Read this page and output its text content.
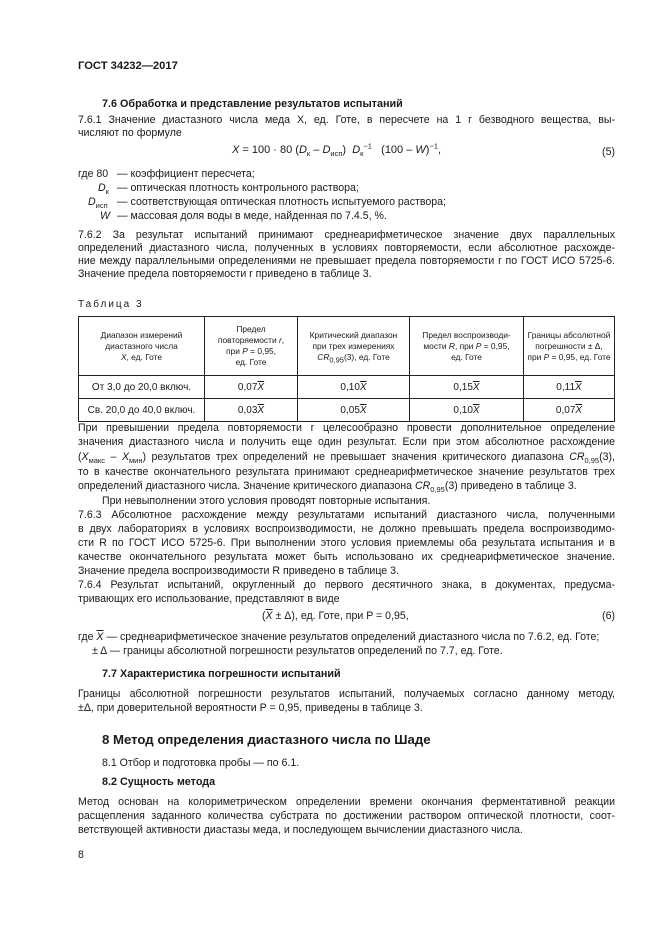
ГОСТ 34232—2017
7.6 Обработка и представление результатов испытаний
7.6.1 Значение диастазного числа меда X, ед. Готе, в пересчете на 1 г безводного вещества, вы-
числяют по формуле
X = 100 · 80 $(D_к - D_{исп})$  $D_к^{-1}$   (100 – W)$^{-1}$,	(5)
где 80 — коэффициент пересчета;
$D_к$ — оптическая плотность контрольного раствора;
$D_{исп}$ — соответствующая оптическая плотность испытуемого раствора;
W — массовая доля воды в меде, найденная по 7.4.5, %.
7.6.2 За результат испытаний принимают среднеарифметическое значение двух параллельных
определений диастазного числа, полученных в условиях повторяемости, если абсолютное расхожде-
ние между параллельными определениями не превышает предела повторяемости r по ГОСТ ИСО 5725-6.
Значение предела повторяемости r приведено в таблице 3.
Таблица 3
Диапазон измерений
диастазного числа
X, ед. Готе	Предел
повторяемости r,
при P = 0,95,
ед. Готе	Критический диапазон
при трех измерениях
$CR_{0,95}(3)$, ед. Готе	Предел воспроизводи-
мости R, при P = 0,95,
ед. Готе	Границы абсолютной
погрешности ± Δ,
при P = 0,95, ед. Готе
От 3,0 до 20,0 включ.	$0,07\overline{X}$	$0,10\overline{X}$	$0,15\overline{X}$	$0,11\overline{X}$
Св. 20,0 до 40,0 включ.	$0,03\overline{X}$	$0,05\overline{X}$	$0,10\overline{X}$	$0,07\overline{X}$
При превышении предела повторяемости r целесообразно провести дополнительное определение
значения диастазного числа и получить еще один результат. Если при этом абсолютное расхождение
$(X_{макс} - X_{мин})$ результатов трех определений не превышает значения критического диапазона $CR_{0,95}(3)$,
то в качестве окончательного результата принимают среднеарифметическое значение результатов трех
определений диастазного числа. Значение критического диапазона $CR_{0,95}(3)$ приведено в таблице 3.
При невыполнении этого условия проводят повторные испытания.
7.6.3 Абсолютное расхождение между результатами испытаний диастазного числа, полученными
в двух лабораториях в условиях воспроизводимости, не должно превышать предела воспроизводимо-
сти R по ГОСТ ИСО 5725-6. При выполнении этого условия приемлемы оба результата испытания и в
качестве окончательного результата может быть использовано их среднеарифметическое значение.
Значение предела воспроизводимости R приведено в таблице 3.
7.6.4 Результат испытаний, округленный до первого десятичного знака, в документах, предусма-
тривающих его использование, представляют в виде
$(\overline{X} \pm \Delta)$, ед. Готе, при P = 0,95,	(6)
где $\overline{X}$ — среднеарифметическое значение результатов определений диастазного числа по 7.6.2, ед. Готе;
± Δ — границы абсолютной погрешности результатов определений по 7.7, ед. Готе.
7.7 Характеристика погрешности испытаний
Границы абсолютной погрешности результатов испытаний, получаемых согласно данному методу,
±Δ, при доверительной вероятности P = 0,95, приведены в таблице 3.
8 Метод определения диастазного числа по Шаде
8.1 Отбор и подготовка пробы — по 6.1.
8.2 Сущность метода
Метод основан на колориметрическом определении времени окончания ферментативной реакции
расщепления заданного количества субстрата по достижении раствором оптической плотности, соот-
ветствующей активности диастазы меда, и последующем вычислении диастазного числа.
8
